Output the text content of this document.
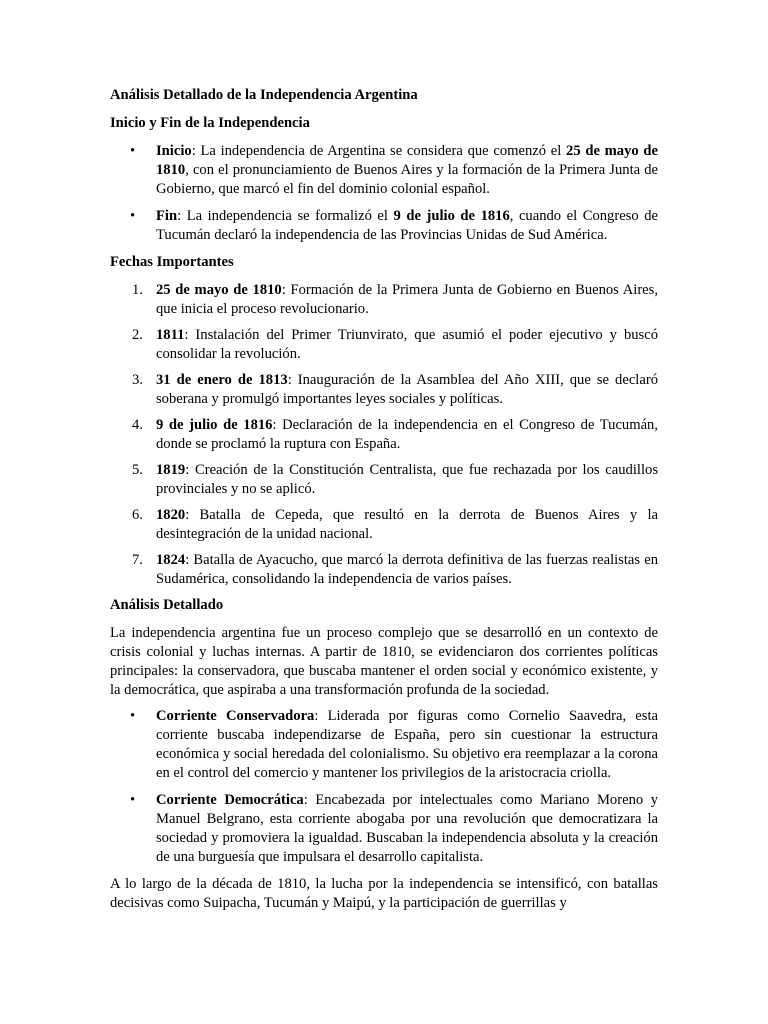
Análisis Detallado de la Independencia Argentina

Inicio y Fin de la Independencia

• Inicio: La independencia de Argentina se considera que comenzó el 25 de mayo de 1810, con el pronunciamiento de Buenos Aires y la formación de la Primera Junta de Gobierno, que marcó el fin del dominio colonial español.
• Fin: La independencia se formalizó el 9 de julio de 1816, cuando el Congreso de Tucumán declaró la independencia de las Provincias Unidas de Sud América.

Fechas Importantes

1. 25 de mayo de 1810: Formación de la Primera Junta de Gobierno en Buenos Aires, que inicia el proceso revolucionario.
2. 1811: Instalación del Primer Triunvirato, que asumió el poder ejecutivo y buscó consolidar la revolución.
3. 31 de enero de 1813: Inauguración de la Asamblea del Año XIII, que se declaró soberana y promulgó importantes leyes sociales y políticas.
4. 9 de julio de 1816: Declaración de la independencia en el Congreso de Tucumán, donde se proclamó la ruptura con España.
5. 1819: Creación de la Constitución Centralista, que fue rechazada por los caudillos provinciales y no se aplicó.
6. 1820: Batalla de Cepeda, que resultó en la derrota de Buenos Aires y la desintegración de la unidad nacional.
7. 1824: Batalla de Ayacucho, que marcó la derrota definitiva de las fuerzas realistas en Sudamérica, consolidando la independencia de varios países.

Análisis Detallado

La independencia argentina fue un proceso complejo que se desarrolló en un contexto de crisis colonial y luchas internas. A partir de 1810, se evidenciaron dos corrientes políticas principales: la conservadora, que buscaba mantener el orden social y económico existente, y la democrática, que aspiraba a una transformación profunda de la sociedad.

• Corriente Conservadora: Liderada por figuras como Cornelio Saavedra, esta corriente buscaba independizarse de España, pero sin cuestionar la estructura económica y social heredada del colonialismo. Su objetivo era reemplazar a la corona en el control del comercio y mantener los privilegios de la aristocracia criolla.
• Corriente Democrática: Encabezada por intelectuales como Mariano Moreno y Manuel Belgrano, esta corriente abogaba por una revolución que democratizara la sociedad y promoviera la igualdad. Buscaban la independencia absoluta y la creación de una burguesía que impulsara el desarrollo capitalista.

A lo largo de la década de 1810, la lucha por la independencia se intensificó, con batallas decisivas como Suipacha, Tucumán y Maipú, y la participación de guerrillas y
